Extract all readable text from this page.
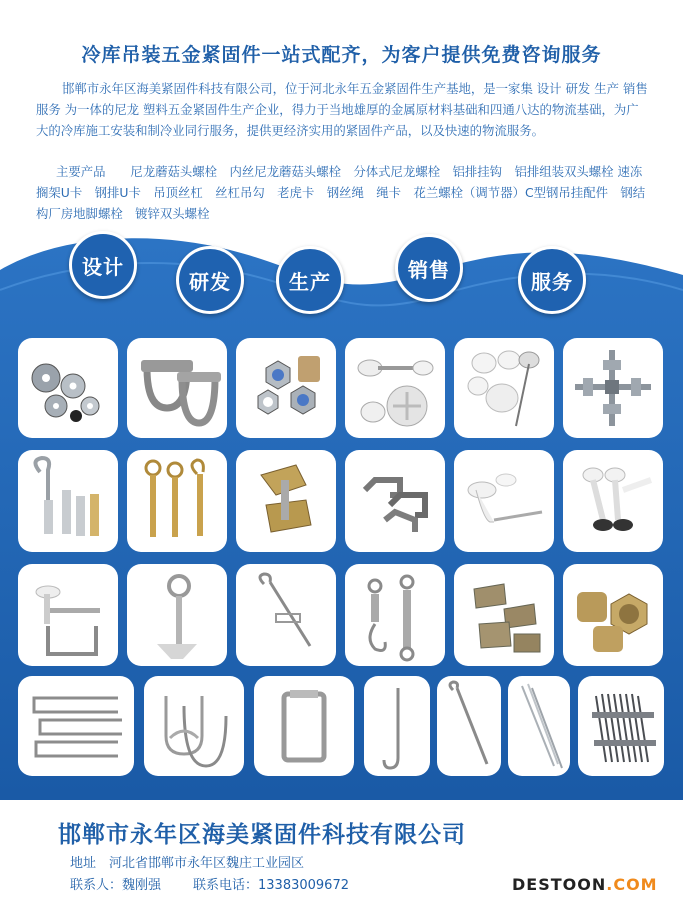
冷库吊装五金紧固件一站式配齐，为客户提供免费咨询服务
邯郸市永年区海美紧固件科技有限公司，位于河北永年五金紧固件生产基地，是一家集 设计 研发 生产 销售 服务 为一体的尼龙 塑料五金紧固件生产企业，得力于当地雄厚的金属原材料基础和四通八达的物流基础，为广大的冷库施工安装和制冷业同行服务，提供更经济实用的紧固件产品，以及快速的物流服务。
主要产品　　尼龙蘑菇头螺栓　内丝尼龙蘑菇头螺栓　分体式尼龙螺栓　铝排挂钩　铝排组装双头螺栓 速冻搁架U卡　钢排U卡　吊顶丝杠　丝杠吊勾　老虎卡　钢丝绳　绳卡　花兰螺栓（调节器）C型钢吊挂配件　钢结构厂房地脚螺栓　镀锌双头螺栓
设计
研发	生产	销售	服务
邯郸市永年区海美紧固件科技有限公司
地址　河北省邯郸市永年区魏庄工业园区
联系人：魏刚强 联系电话：13383009672	DESTOON.COM
